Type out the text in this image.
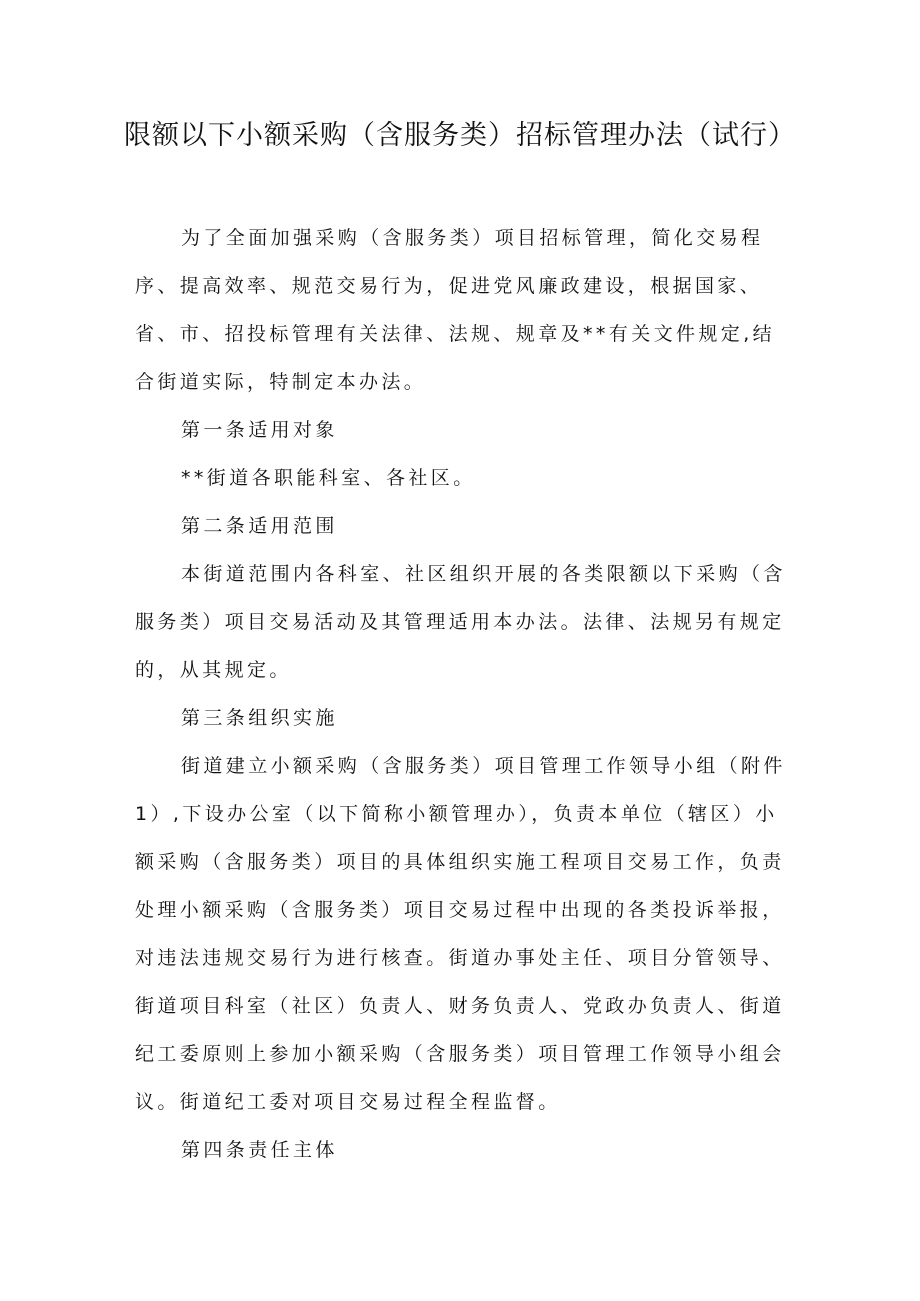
限额以下小额采购（含服务类）招标管理办法（试行）

为了全面加强采购（含服务类）项目招标管理，简化交易程序、提高效率、规范交易行为，促进党风廉政建设，根据国家、省、市、招投标管理有关法律、法规、规章及**有关文件规定,结合街道实际，特制定本办法。

第一条适用对象

**街道各职能科室、各社区。

第二条适用范围

本街道范围内各科室、社区组织开展的各类限额以下采购（含服务类）项目交易活动及其管理适用本办法。法律、法规另有规定的，从其规定。

第三条组织实施

街道建立小额采购（含服务类）项目管理工作领导小组（附件1）,下设办公室（以下简称小额管理办），负责本单位（辖区）小额采购（含服务类）项目的具体组织实施工程项目交易工作，负责处理小额采购（含服务类）项目交易过程中出现的各类投诉举报，对违法违规交易行为进行核查。街道办事处主任、项目分管领导、街道项目科室（社区）负责人、财务负责人、党政办负责人、街道纪工委原则上参加小额采购（含服务类）项目管理工作领导小组会议。街道纪工委对项目交易过程全程监督。

第四条责任主体
